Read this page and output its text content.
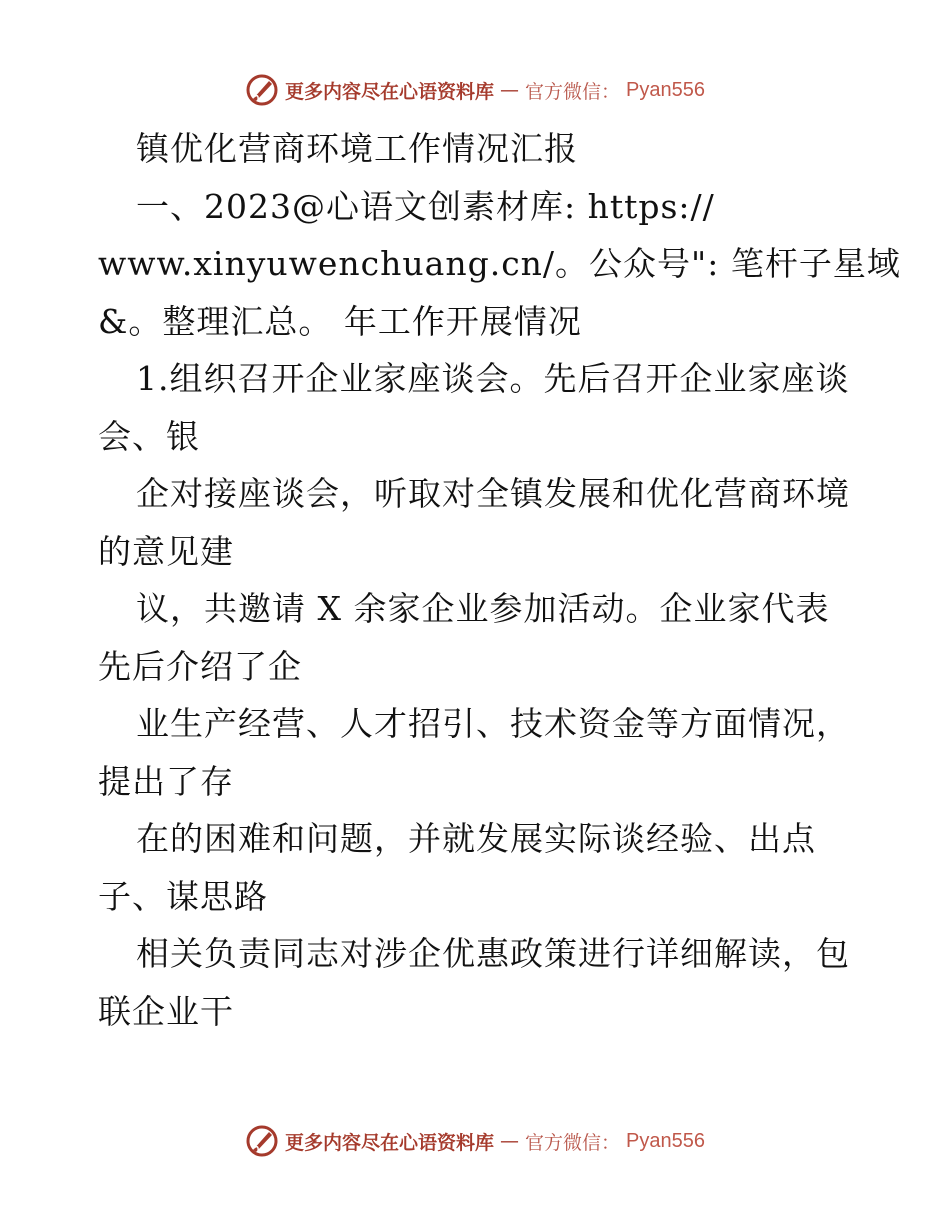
更多内容尽在心语资料库 — 官方微信： Pyan556
镇优化营商环境工作情况汇报
一、2023@心语文创素材库: https://
www.xinyuwenchuang.cn/。公众号": 笔杆子星域
&。整理汇总。 年工作开展情况
1.组织召开企业家座谈会。先后召开企业家座谈
会、银
企对接座谈会，听取对全镇发展和优化营商环境
的意见建
议，共邀请 X 余家企业参加活动。企业家代表
先后介绍了企
业生产经营、人才招引、技术资金等方面情况，
提出了存
在的困难和问题，并就发展实际谈经验、出点
子、谋思路
相关负责同志对涉企优惠政策进行详细解读，包
联企业干
更多内容尽在心语资料库 — 官方微信： Pyan556
